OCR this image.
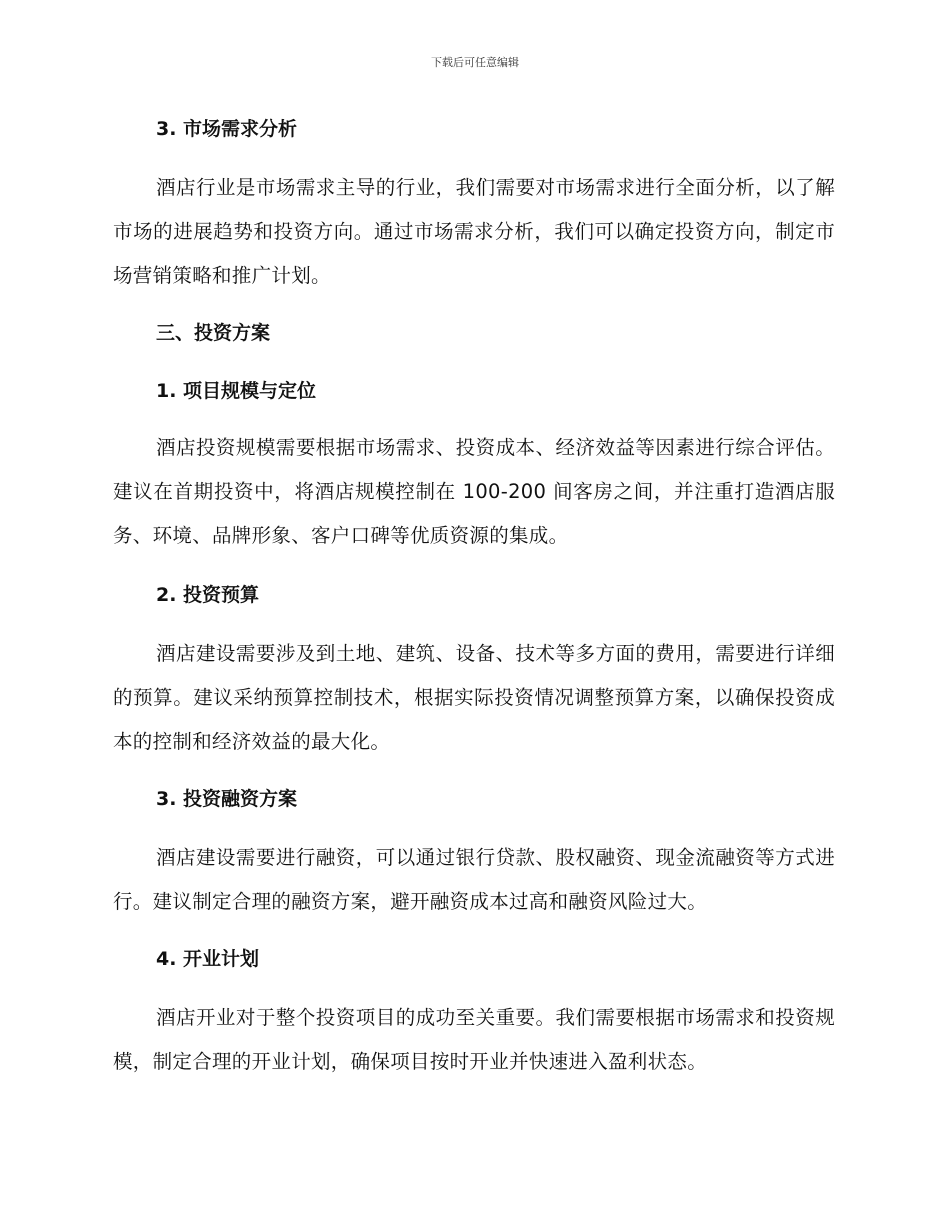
下载后可任意编辑
3. 市场需求分析
酒店行业是市场需求主导的行业，我们需要对市场需求进行全面分析，以了解市场的进展趋势和投资方向。通过市场需求分析，我们可以确定投资方向，制定市场营销策略和推广计划。
三、投资方案
1. 项目规模与定位
酒店投资规模需要根据市场需求、投资成本、经济效益等因素进行综合评估。建议在首期投资中，将酒店规模控制在 100-200 间客房之间，并注重打造酒店服务、环境、品牌形象、客户口碑等优质资源的集成。
2. 投资预算
酒店建设需要涉及到土地、建筑、设备、技术等多方面的费用，需要进行详细的预算。建议采纳预算控制技术，根据实际投资情况调整预算方案，以确保投资成本的控制和经济效益的最大化。
3. 投资融资方案
酒店建设需要进行融资，可以通过银行贷款、股权融资、现金流融资等方式进行。建议制定合理的融资方案，避开融资成本过高和融资风险过大。
4. 开业计划
酒店开业对于整个投资项目的成功至关重要。我们需要根据市场需求和投资规模，制定合理的开业计划，确保项目按时开业并快速进入盈利状态。
